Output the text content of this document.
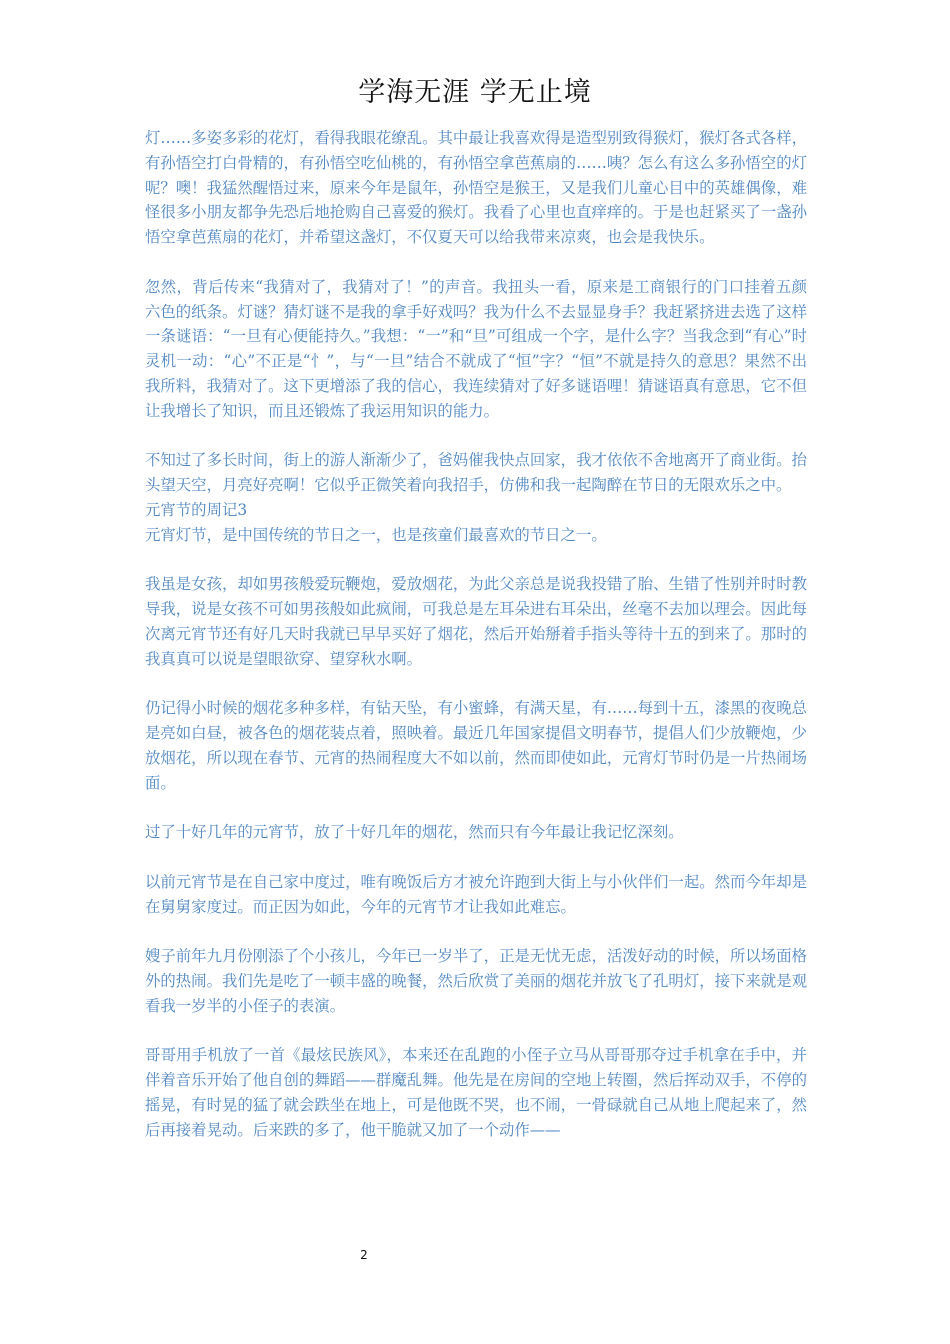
学海无涯 学无止境

灯……多姿多彩的花灯，看得我眼花缭乱。其中最让我喜欢得是造型别致得猴灯，猴灯各式各样，有孙悟空打白骨精的，有孙悟空吃仙桃的，有孙悟空拿芭蕉扇的……咦？怎么有这么多孙悟空的灯呢？噢！我猛然醒悟过来，原来今年是鼠年，孙悟空是猴王，又是我们儿童心目中的英雄偶像，难怪很多小朋友都争先恐后地抢购自己喜爱的猴灯。我看了心里也直痒痒的。于是也赶紧买了一盏孙悟空拿芭蕉扇的花灯，并希望这盏灯，不仅夏天可以给我带来凉爽，也会是我快乐。

忽然，背后传来“我猜对了，我猜对了！”的声音。我扭头一看，原来是工商银行的门口挂着五颜六色的纸条。灯谜？猜灯谜不是我的拿手好戏吗？我为什么不去显显身手？我赶紧挤进去选了这样一条谜语：“一旦有心便能持久。”我想：“一”和“旦”可组成一个字，是什么字？当我念到“有心”时灵机一动：“心”不正是“忄”，与“一旦”结合不就成了“恒”字？“恒”不就是持久的意思？果然不出我所料，我猜对了。这下更增添了我的信心，我连续猜对了好多谜语哩！猜谜语真有意思，它不但让我增长了知识，而且还锻炼了我运用知识的能力。

不知过了多长时间，街上的游人渐渐少了，爸妈催我快点回家，我才依依不舍地离开了商业街。抬头望天空，月亮好亮啊！它似乎正微笑着向我招手，仿佛和我一起陶醉在节日的无限欢乐之中。

元宵节的周记3

元宵灯节，是中国传统的节日之一，也是孩童们最喜欢的节日之一。

我虽是女孩，却如男孩般爱玩鞭炮，爱放烟花，为此父亲总是说我投错了胎、生错了性别并时时教导我，说是女孩不可如男孩般如此疯闹，可我总是左耳朵进右耳朵出，丝毫不去加以理会。因此每次离元宵节还有好几天时我就已早早买好了烟花，然后开始掰着手指头等待十五的到来了。那时的我真真可以说是望眼欲穿、望穿秋水啊。

仍记得小时候的烟花多种多样，有钻天坠，有小蜜蜂，有满天星，有……每到十五，漆黑的夜晚总是亮如白昼，被各色的烟花装点着，照映着。最近几年国家提倡文明春节，提倡人们少放鞭炮，少放烟花，所以现在春节、元宵的热闹程度大不如以前，然而即使如此，元宵灯节时仍是一片热闹场面。

过了十好几年的元宵节，放了十好几年的烟花，然而只有今年最让我记忆深刻。

以前元宵节是在自己家中度过，唯有晚饭后方才被允许跑到大街上与小伙伴们一起。然而今年却是在舅舅家度过。而正因为如此，今年的元宵节才让我如此难忘。

嫂子前年九月份刚添了个小孩儿，今年已一岁半了，正是无忧无虑，活泼好动的时候，所以场面格外的热闹。我们先是吃了一顿丰盛的晚餐，然后欣赏了美丽的烟花并放飞了孔明灯，接下来就是观看我一岁半的小侄子的表演。

哥哥用手机放了一首《最炫民族风》，本来还在乱跑的小侄子立马从哥哥那夺过手机拿在手中，并伴着音乐开始了他自创的舞蹈——群魔乱舞。他先是在房间的空地上转圈，然后挥动双手，不停的摇晃，有时晃的猛了就会跌坐在地上，可是他既不哭，也不闹，一骨碌就自己从地上爬起来了，然后再接着晃动。后来跌的多了，他干脆就又加了一个动作——

2
